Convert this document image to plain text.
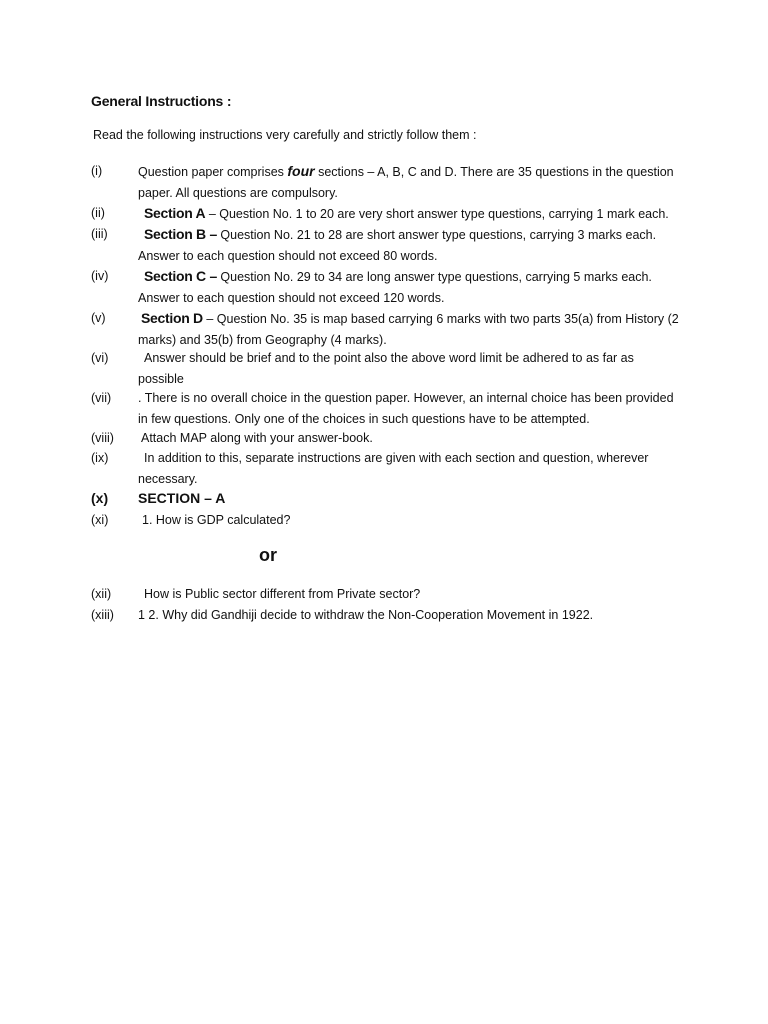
General Instructions :
Read the following instructions very carefully and strictly follow them :
(i)	Question paper comprises four sections – A, B, C and D. There are 35 questions in the question paper. All questions are compulsory.
(ii)	Section A – Question No. 1 to 20 are very short answer type questions, carrying 1 mark each.
(iii)	Section B – Question No. 21 to 28 are short answer type questions, carrying 3 marks each. Answer to each question should not exceed 80 words.
(iv)	Section C – Question No. 29 to 34 are long answer type questions, carrying 5 marks each. Answer to each question should not exceed 120 words.
(v)	Section D – Question No. 35 is map based carrying 6 marks with two parts 35(a) from History (2 marks) and 35(b) from Geography (4 marks).
(vi)	Answer should be brief and to the point also the above word limit be adhered to as far as possible
(vii)	. There is no overall choice in the question paper. However, an internal choice has been provided in few questions. Only one of the choices in such questions have to be attempted.
(viii)	Attach MAP along with your answer-book.
(ix)	In addition to this, separate instructions are given with each section and question, wherever necessary.
(x)	SECTION – A
(xi)	1. How is GDP calculated?
or
(xii)	How is Public sector different from Private sector?
(xiii)	1 2. Why did Gandhiji decide to withdraw the Non-Cooperation Movement in 1922.
